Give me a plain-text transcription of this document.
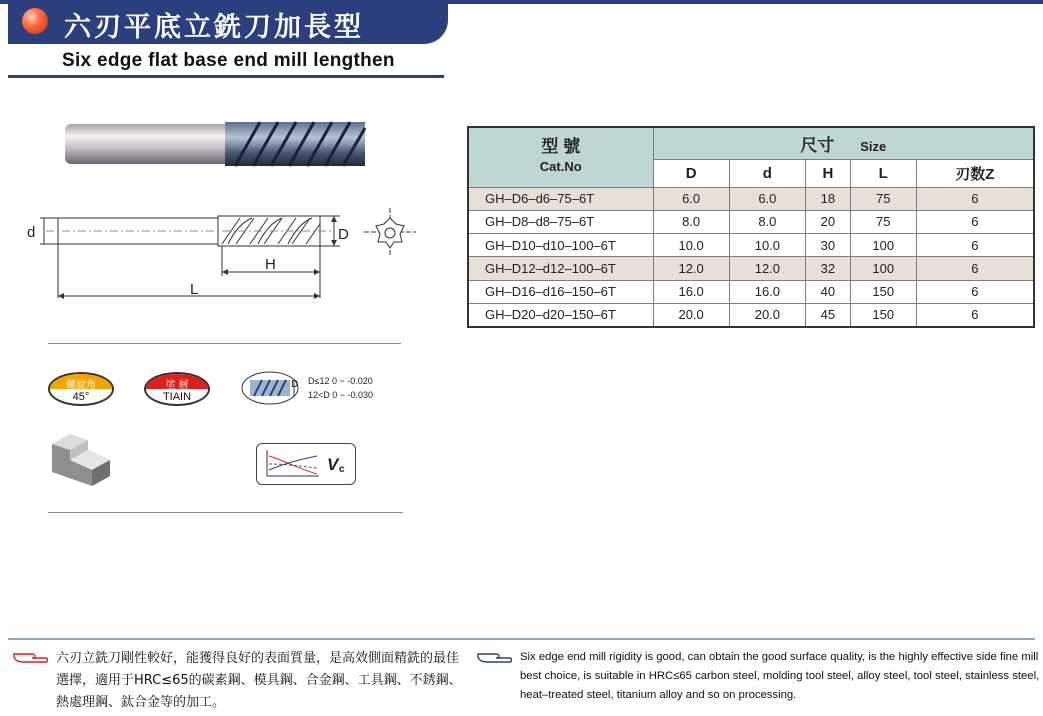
六刃平底立銑刀加長型
Six edge flat base end mill lengthen
d	D
H
L
螺旋角
45°
塗 層
TIAIN
D D≤12 0 ~ -0.020
12<D 0 ~ -0.030
V c
型 號
Cat.No	尺寸 Size				
	D	d	H	L	刃数Z
GH–D6–d6–75–6T	6.0	6.0	18	75	6
GH–D8–d8–75–6T	8.0	8.0	20	75	6
GH–D10–d10–100–6T	10.0	10.0	30	100	6
GH–D12–d12–100–6T	12.0	12.0	32	100	6
GH–D16–d16–150–6T	16.0	16.0	40	150	6
GH–D20–d20–150–6T	20.0	20.0	45	150	6
六刃立銑刀剛性較好，能獲得良好的表面質量，是高效側面精銑的最佳選擇，適用于HRC≤65的碳素鋼、模具鋼、合金鋼、工具鋼、不銹鋼、熱處理鋼、鈦合金等的加工。
Six edge end mill rigidity is good, can obtain the good surface quality, is the highly effective side fine mill best choice, is suitable in HRC≤65 carbon steel, molding tool steel, alloy steel, tool steel, stainless steel, heat–treated steel, titanium alloy and so on processing.
